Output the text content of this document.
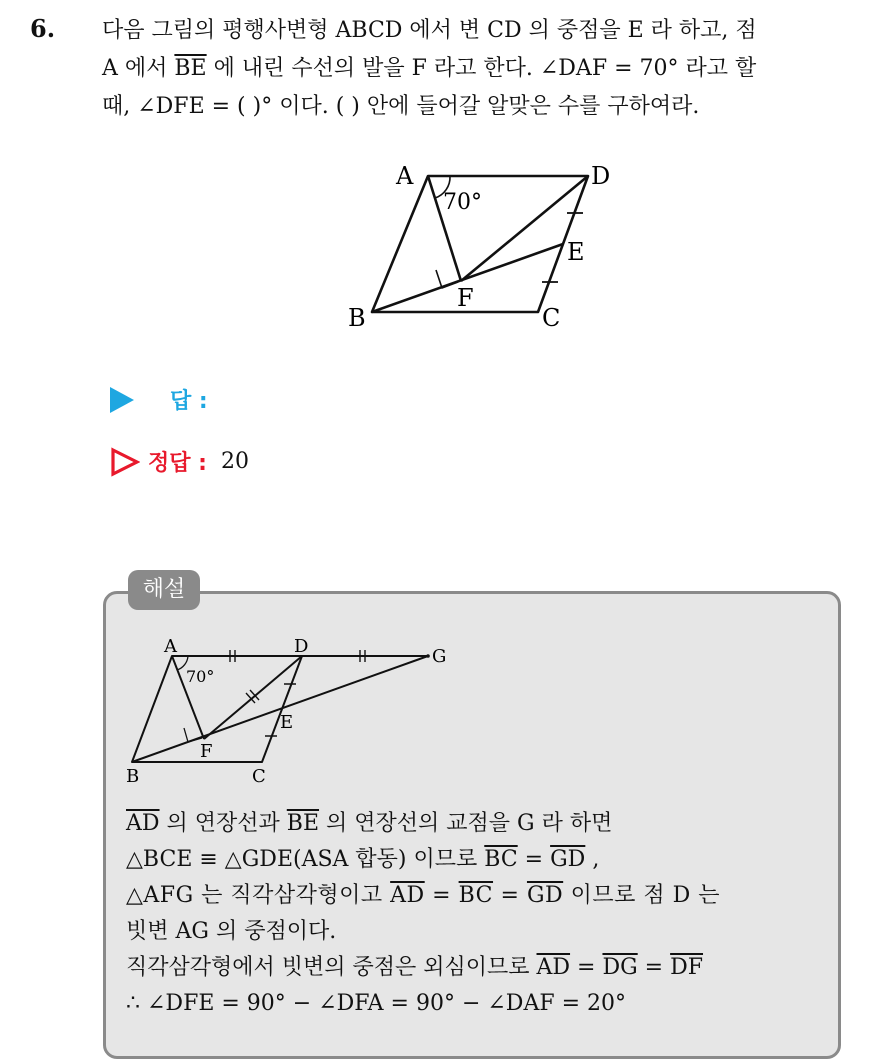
6. 다음 그림의 평행사변형 ABCD 에서 변 CD 의 중점을 E 라 하고, 점
A 에서 $\overline{BE}$ 에 내린 수선의 발을 F 라고 한다. ∠DAF = 70° 라고 할
때, ∠DFE = ( )° 이다. ( ) 안에 들어갈 알맞은 수를 구하여라.
A	D
B	C
E
F
70°
답 :
정답 : 20
해설
A	D	G
B	C
E
F
70°
$\overline{AD}$ 의 연장선과 $\overline{BE}$ 의 연장선의 교점을 G 라 하면
△BCE ≡ △GDE(ASA 합동) 이므로 $\overline{BC} = \overline{GD}$ ,
△AFG 는 직각삼각형이고 $\overline{AD} = \overline{BC} = \overline{GD}$ 이므로 점 D 는
빗변 AG 의 중점이다.
직각삼각형에서 빗변의 중점은 외심이므로 $\overline{AD} = \overline{DG} = \overline{DF}$
∴ ∠DFE = 90° − ∠DFA = 90° − ∠DAF = 20°
